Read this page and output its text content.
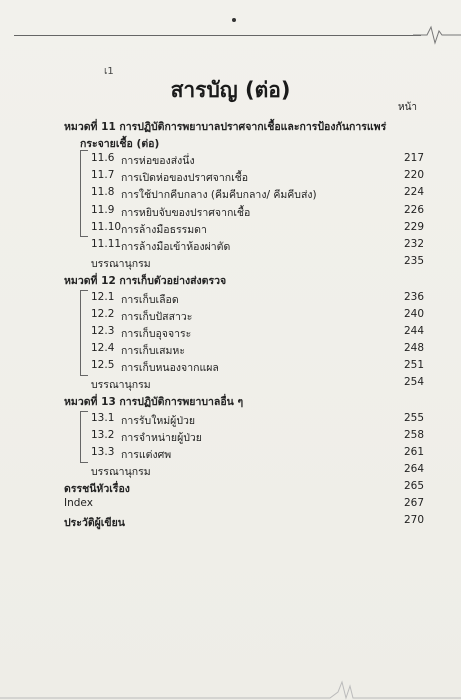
เ1
สารบัญ (ต่อ)
หน้า
หมวดที่ 11 การปฏิบัติการพยาบาลปราศจากเชื้อและการป้องกันการแพร่
กระจายเชื้อ (ต่อ)
11.6 การห่อของส่งนึ่ง	217
11.7 การเปิดห่อของปราศจากเชื้อ	220
11.8 การใช้ปากคีบกลาง (คีมคีบกลาง/ คีมคีบส่ง)	224
11.9 การหยิบจับของปราศจากเชื้อ	226
11.10 การล้างมือธรรมดา	229
11.11 การล้างมือเข้าห้องผ่าตัด	232
บรรณานุกรม	235
หมวดที่ 12 การเก็บตัวอย่างส่งตรวจ
12.1 การเก็บเลือด	236
12.2 การเก็บปัสสาวะ	240
12.3 การเก็บอุจจาระ	244
12.4 การเก็บเสมหะ	248
12.5 การเก็บหนองจากแผล	251
บรรณานุกรม	254
หมวดที่ 13 การปฏิบัติการพยาบาลอื่น ๆ
13.1 การรับใหม่ผู้ป่วย	255
13.2 การจำหน่ายผู้ป่วย	258
13.3 การแต่งศพ	261
บรรณานุกรม	264
ดรรชนีหัวเรื่อง	265
Index	267
ประวัติผู้เขียน	270
